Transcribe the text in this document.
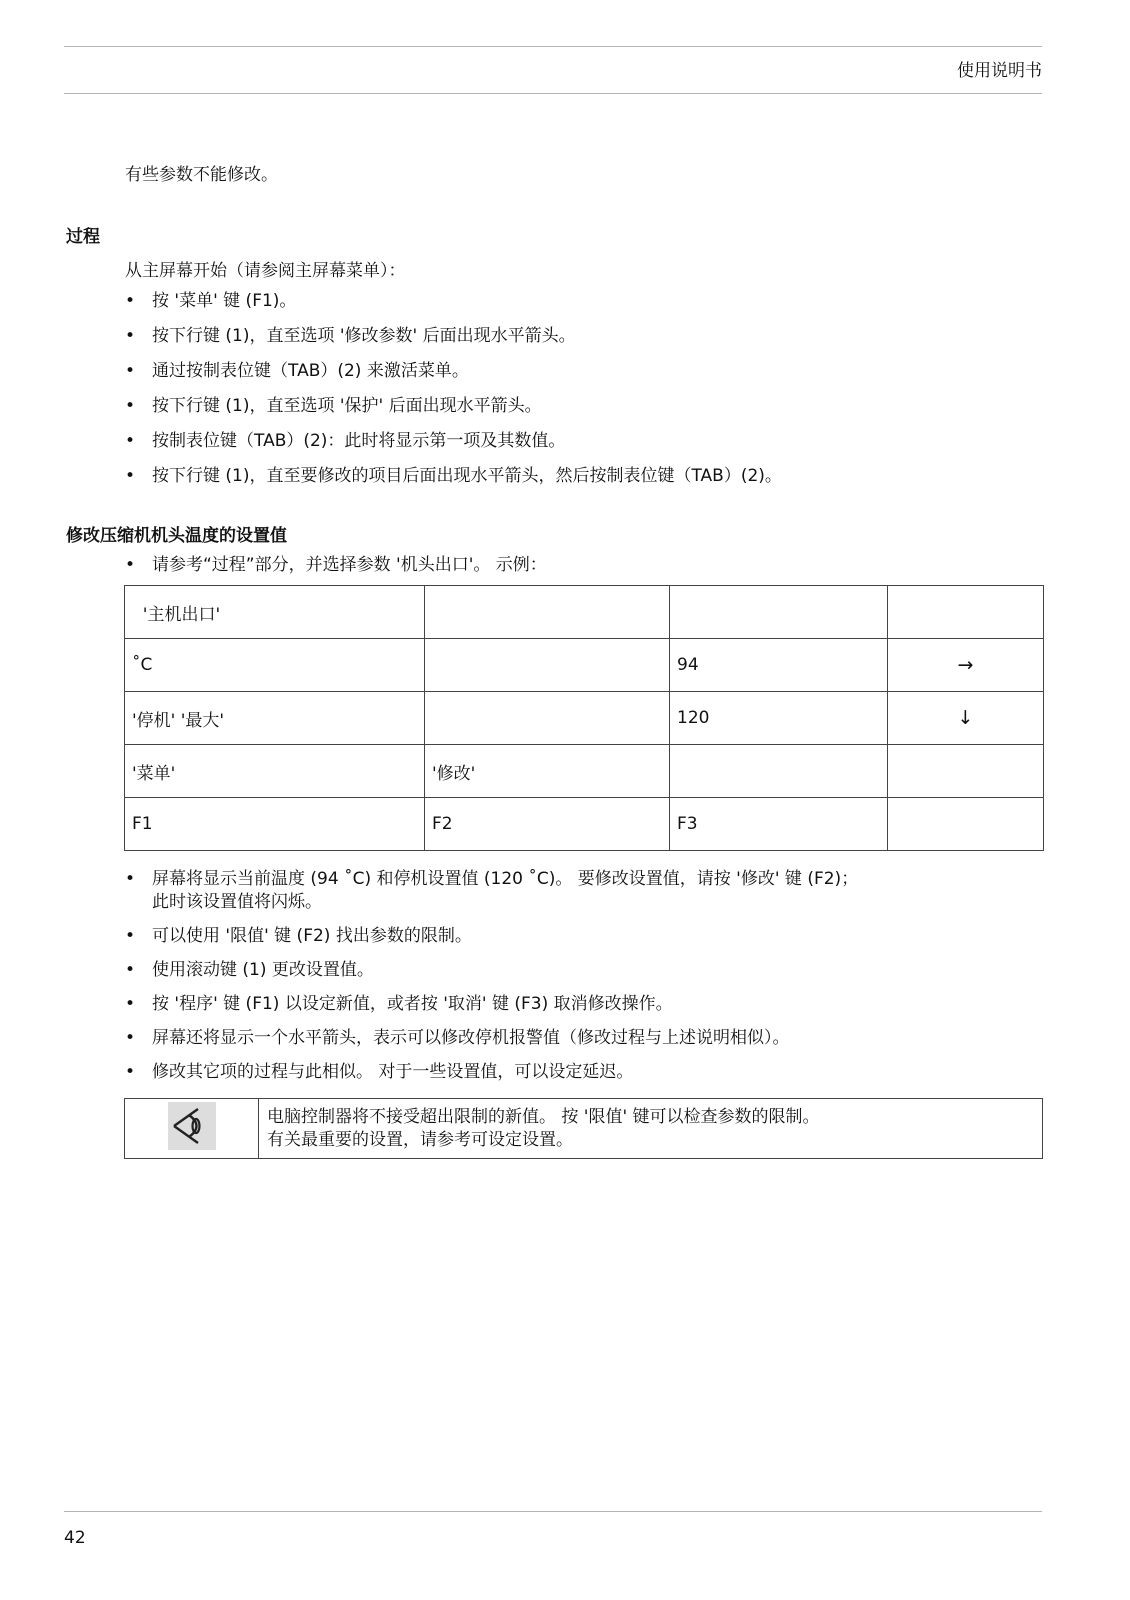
使用说明书
有些参数不能修改。
过程
从主屏幕开始（请参阅主屏幕菜单）：
• 按 '菜单' 键 (F1)。
• 按下行键 (1)，直至选项 '修改参数' 后面出现水平箭头。
• 通过按制表位键（TAB）(2) 来激活菜单。
• 按下行键 (1)，直至选项 '保护' 后面出现水平箭头。
• 按制表位键（TAB）(2)：此时将显示第一项及其数值。
• 按下行键 (1)，直至要修改的项目后面出现水平箭头，然后按制表位键（TAB）(2)。
修改压缩机机头温度的设置值
• 请参考“过程”部分，并选择参数 '机头出口'。 示例：
'主机出口'			
˚C		94	→
'停机' '最大'		120	↓
'菜单'	'修改'		
F1	F2	F3	
• 屏幕将显示当前温度 (94 ˚C) 和停机设置值 (120 ˚C)。 要修改设置值，请按 '修改' 键 (F2)；此时该设置值将闪烁。
• 可以使用 '限值' 键 (F2) 找出参数的限制。
• 使用滚动键 (1) 更改设置值。
• 按 '程序' 键 (F1) 以设定新值，或者按 '取消' 键 (F3) 取消修改操作。
• 屏幕还将显示一个水平箭头，表示可以修改停机报警值（修改过程与上述说明相似）。
• 修改其它项的过程与此相似。 对于一些设置值，可以设定延迟。

电脑控制器将不接受超出限制的新值。 按 '限值' 键可以检查参数的限制。
有关最重要的设置，请参考可设定设置。
42
